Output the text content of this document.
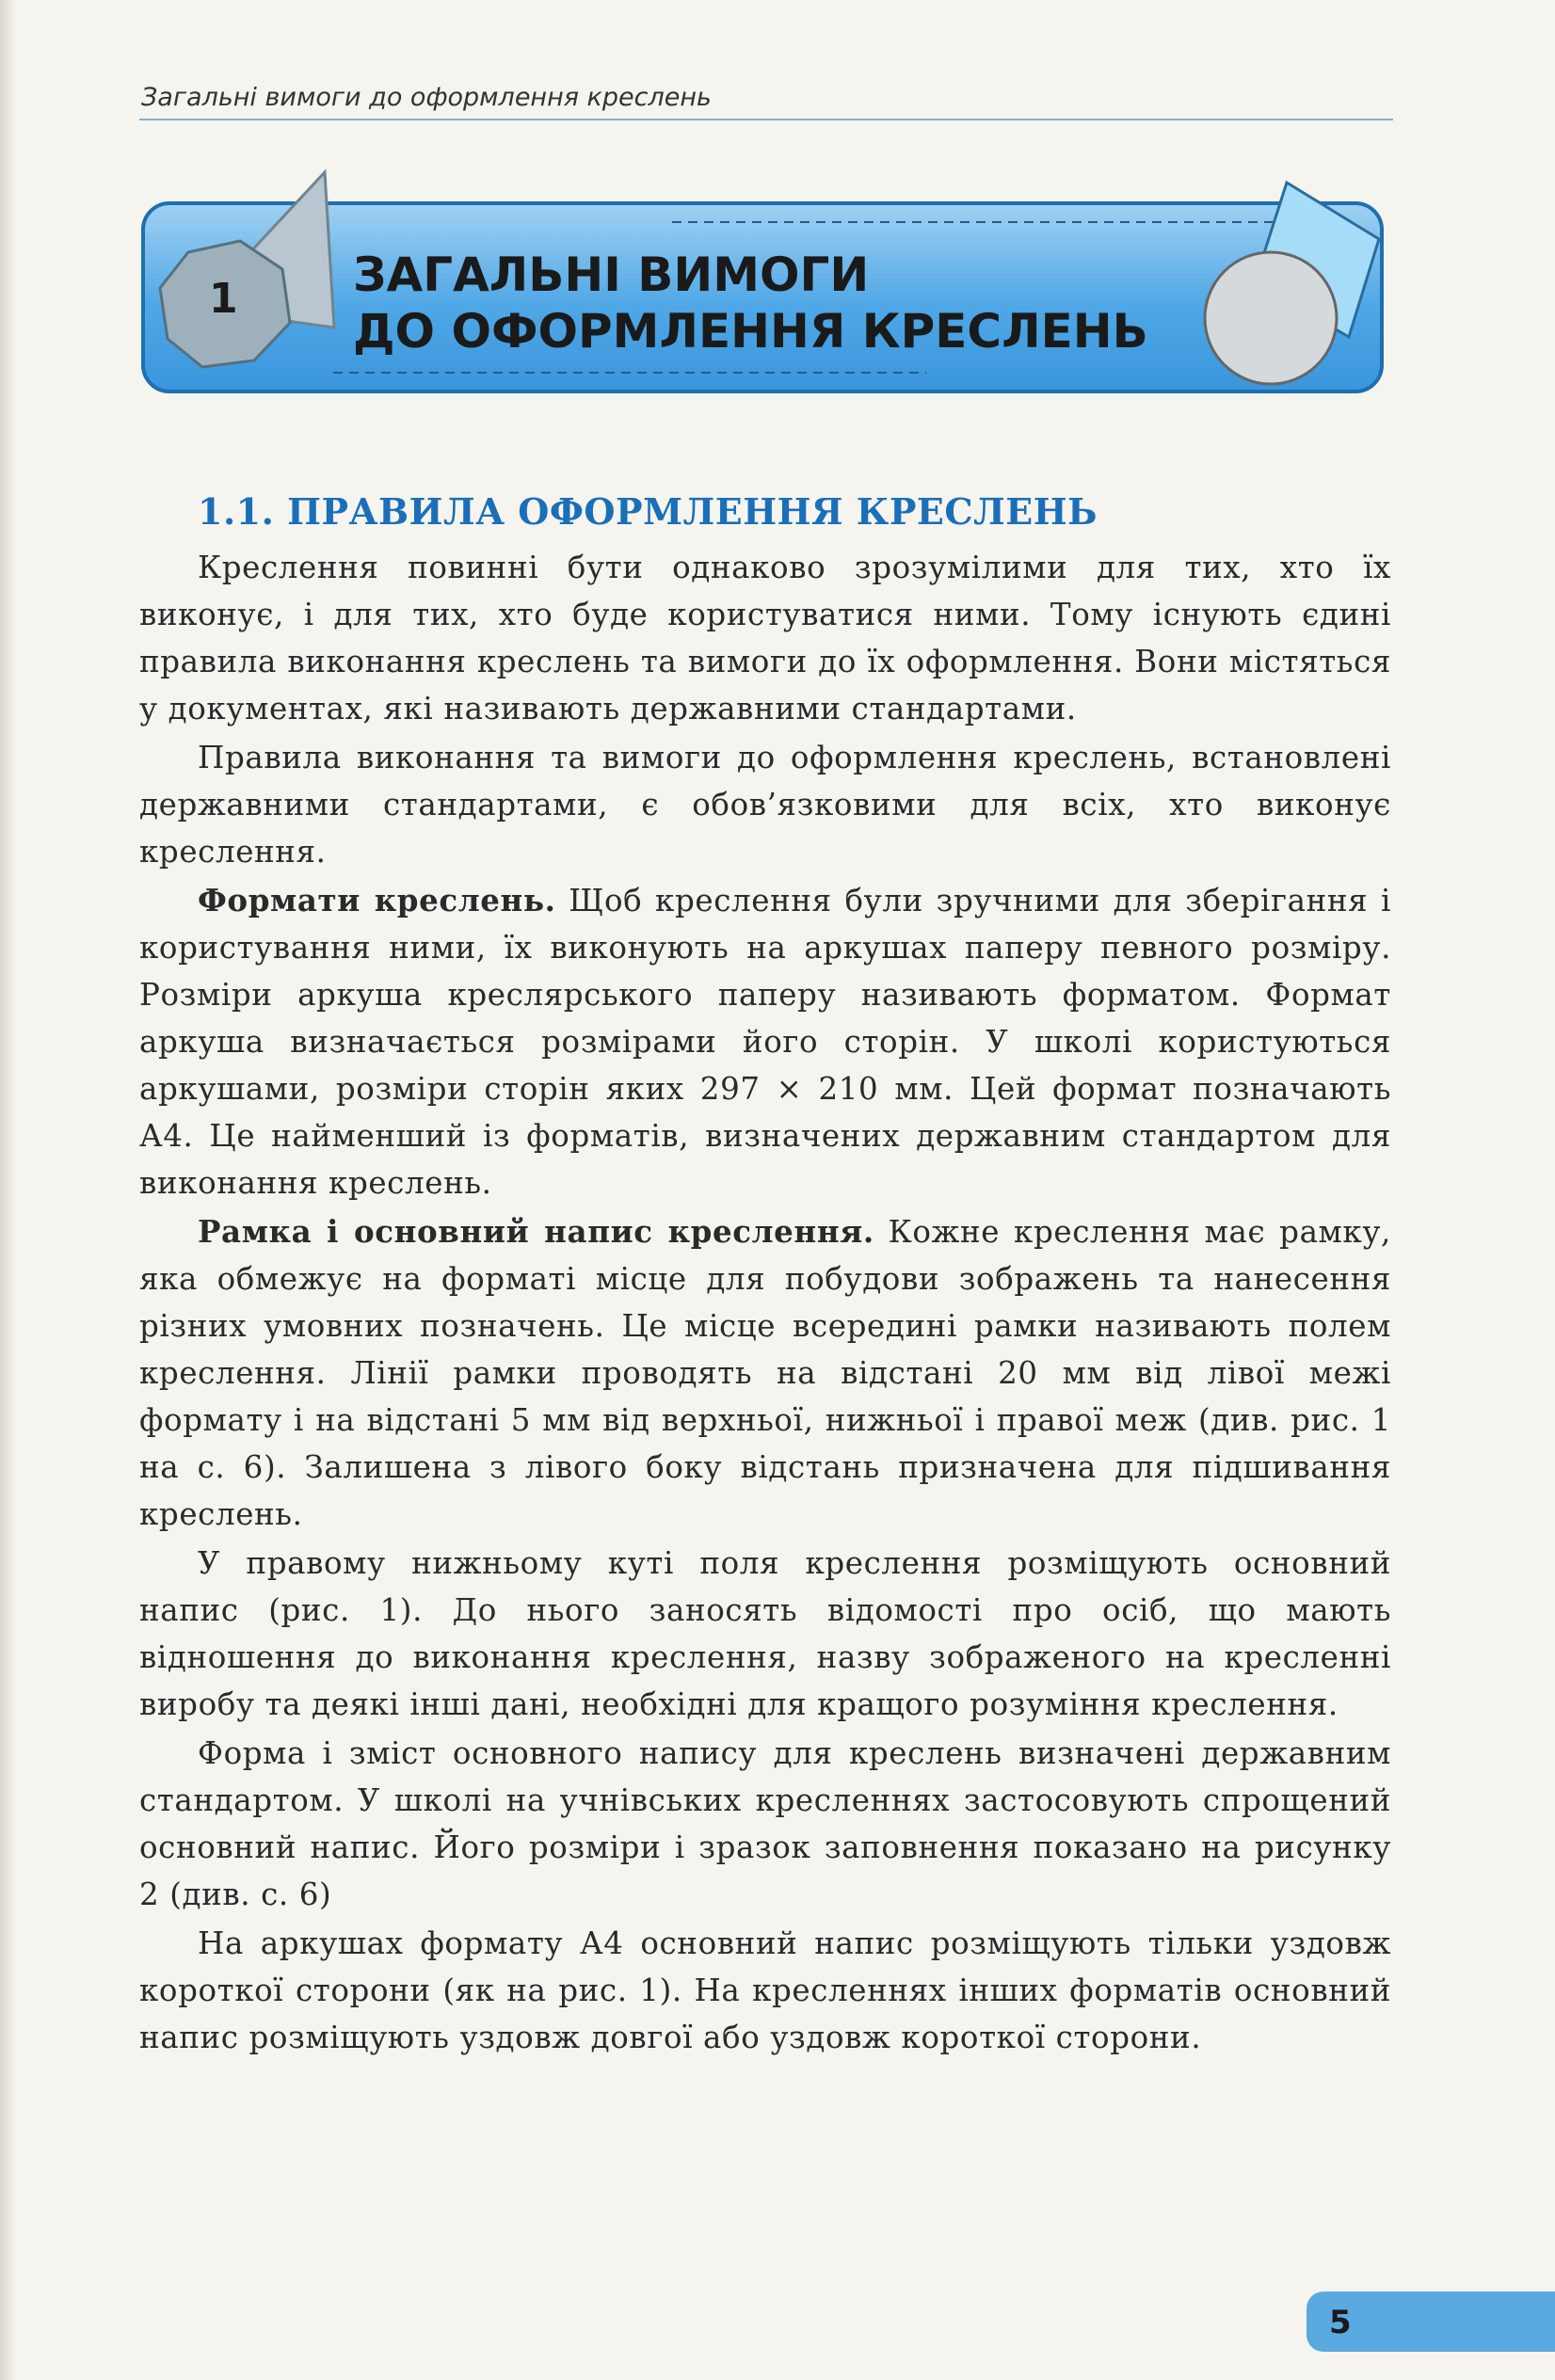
Загальні вимоги до оформлення креслень
1 ЗАГАЛЬНІ ВИМОГИ
ДО ОФОРМЛЕННЯ КРЕСЛЕНЬ
1.1. ПРАВИЛА ОФОРМЛЕННЯ КРЕСЛЕНЬ

Креслення повинні бути однаково зрозумілими для тих, хто їх виконує, і для тих, хто буде користуватися ними. Тому існують єдині правила виконання креслень та вимоги до їх оформлення. Вони містяться у документах, які називають державними стандартами.

Правила виконання та вимоги до оформлення креслень, встановлені державними стандартами, є обов’язковими для всіх, хто виконує креслення.

Формати креслень. Щоб креслення були зручними для зберігання і користування ними, їх виконують на аркушах паперу певного розміру. Розміри аркуша креслярського паперу називають форматом. Формат аркуша визначається розмірами його сторін. У школі користуються аркушами, розміри сторін яких 297 × 210 мм. Цей формат позначають А4. Це найменший із форматів, визначених державним стандартом для виконання креслень.

Рамка і основний напис креслення. Кожне креслення має рамку, яка обмежує на форматі місце для побудови зображень та нанесення різних умовних позначень. Це місце всередині рамки називають полем креслення. Лінії рамки проводять на відстані 20 мм від лівої межі формату і на відстані 5 мм від верхньої, нижньої і правої меж (див. рис. 1 на с. 6). Залишена з лівого боку відстань призначена для підшивання креслень.

У правому нижньому куті поля креслення розміщують основний напис (рис. 1). До нього заносять відомості про осіб, що мають відношення до виконання креслення, назву зображеного на кресленні виробу та деякі інші дані, необхідні для кращого розуміння креслення.

Форма і зміст основного напису для креслень визначені державним стандартом. У школі на учнівських кресленнях застосовують спрощений основний напис. Його розміри і зразок заповнення показано на рисунку 2 (див. с. 6)

На аркушах формату А4 основний напис розміщують тільки уздовж короткої сторони (як на рис. 1). На кресленнях інших форматів основний напис розміщують уздовж довгої або уздовж короткої сторони.

5
